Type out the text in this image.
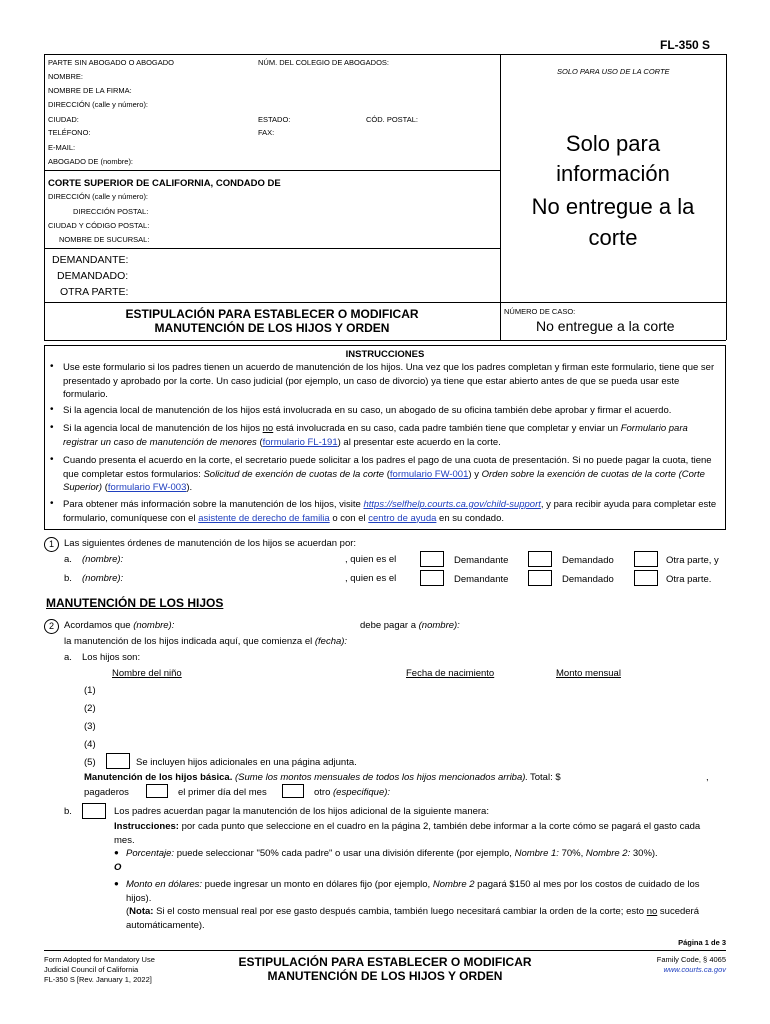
FL-350 S
PARTE SIN ABOGADO O ABOGADO	NÚM. DEL COLEGIO DE ABOGADOS:
SOLO PARA USO DE LA CORTE
NOMBRE:
NOMBRE DE LA FIRMA:
DIRECCIÓN (calle y número):
CIUDAD:	ESTADO:	CÓD. POSTAL:
TELÉFONO:	FAX:
E-MAIL:
ABOGADO DE (nombre):
Solo para
información
No entregue a la
corte
CORTE SUPERIOR DE CALIFORNIA, CONDADO DE
DIRECCIÓN (calle y número):
DIRECCIÓN POSTAL:
CIUDAD Y CÓDIGO POSTAL:
NOMBRE DE SUCURSAL:
DEMANDANTE:
DEMANDADO:
OTRA PARTE:
ESTIPULACIÓN PARA ESTABLECER O MODIFICAR
MANUTENCIÓN DE LOS HIJOS Y ORDEN
NÚMERO DE CASO:
No entregue a la corte
INSTRUCCIONES
• Use este formulario si los padres tienen un acuerdo de manutención de los hijos. Una vez que los padres completan y firman este formulario, tiene que ser presentado y aprobado por la corte. Un caso judicial (por ejemplo, un caso de divorcio) ya tiene que estar abierto antes de que se pueda usar este formulario.
• Si la agencia local de manutención de los hijos está involucrada en su caso, un abogado de su oficina también debe aprobar y firmar el acuerdo.
• Si la agencia local de manutención de los hijos no está involucrada en su caso, cada padre también tiene que completar y enviar un Formulario para registrar un caso de manutención de menores (formulario FL-191) al presentar este acuerdo en la corte.
• Cuando presenta el acuerdo en la corte, el secretario puede solicitar a los padres el pago de una cuota de presentación. Si no puede pagar la cuota, tiene que completar estos formularios: Solicitud de exención de cuotas de la corte (formulario FW-001) y Orden sobre la exención de cuotas de la corte (Corte Superior) (formulario FW-003).
• Para obtener más información sobre la manutención de los hijos, visite https://selfhelp.courts.ca.gov/child-support, y para recibir ayuda para completar este formulario, comuníquese con el asistente de derecho de familia o con el centro de ayuda en su condado.
1	Las siguientes órdenes de manutención de los hijos se acuerdan por:
a. (nombre):	, quien es el	Demandante	Demandado	Otra parte, y
b. (nombre):	, quien es el	Demandante	Demandado	Otra parte.
MANUTENCIÓN DE LOS HIJOS
2	Acordamos que (nombre):	debe pagar a (nombre):
la manutención de los hijos indicada aquí, que comienza el (fecha):
a. Los hijos son:
Nombre del niño	Fecha de nacimiento	Monto mensual
(1)
(2)
(3)
(4)
(5)	Se incluyen hijos adicionales en una página adjunta.
Manutención de los hijos básica. (Sume los montos mensuales de todos los hijos mencionados arriba). Total: $	,
pagaderos	el primer día del mes	otro (especifique):
b.	Los padres acuerdan pagar la manutención de los hijos adicional de la siguiente manera:
Instrucciones: por cada punto que seleccione en el cuadro en la página 2, también debe informar a la corte cómo se pagará el gasto cada mes.
● Porcentaje: puede seleccionar "50% cada padre" o usar una división diferente (por ejemplo, Nombre 1: 70%, Nombre 2: 30%).
O
● Monto en dólares: puede ingresar un monto en dólares fijo (por ejemplo, Nombre 2 pagará $150 al mes por los costos de cuidado de los hijos).
(Nota: Si el costo mensual real por ese gasto después cambia, también luego necesitará cambiar la orden de la corte; esto no sucederá automáticamente).
Página 1 de 3
Form Adopted for Mandatory Use
Judicial Council of California
FL-350 S [Rev. January 1, 2022]
ESTIPULACIÓN PARA ESTABLECER O MODIFICAR
MANUTENCIÓN DE LOS HIJOS Y ORDEN
Family Code, § 4065
www.courts.ca.gov
